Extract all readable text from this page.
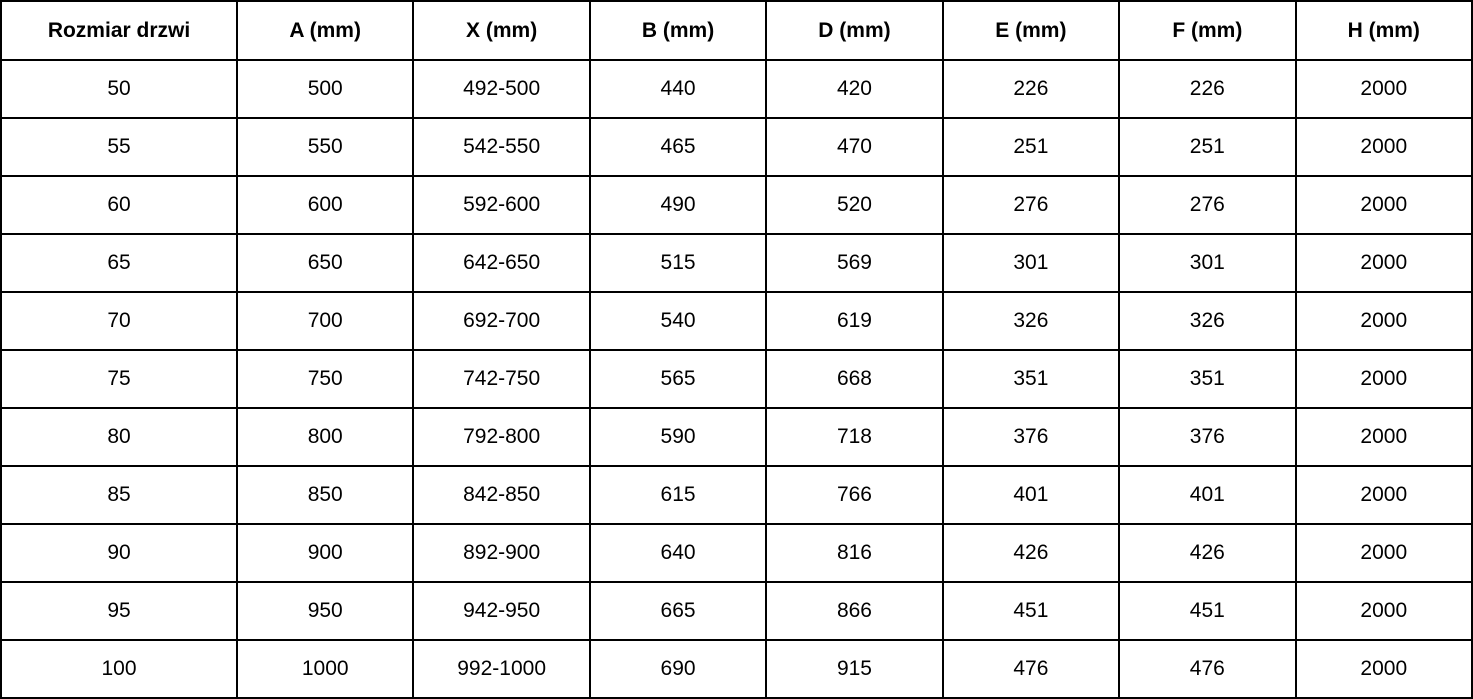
Rozmiar drzwi	A (mm)	X (mm)	B (mm)	D (mm)	E (mm)	F (mm)	H (mm)
50	500	492-500	440	420	226	226	2000
55	550	542-550	465	470	251	251	2000
60	600	592-600	490	520	276	276	2000
65	650	642-650	515	569	301	301	2000
70	700	692-700	540	619	326	326	2000
75	750	742-750	565	668	351	351	2000
80	800	792-800	590	718	376	376	2000
85	850	842-850	615	766	401	401	2000
90	900	892-900	640	816	426	426	2000
95	950	942-950	665	866	451	451	2000
100	1000	992-1000	690	915	476	476	2000
